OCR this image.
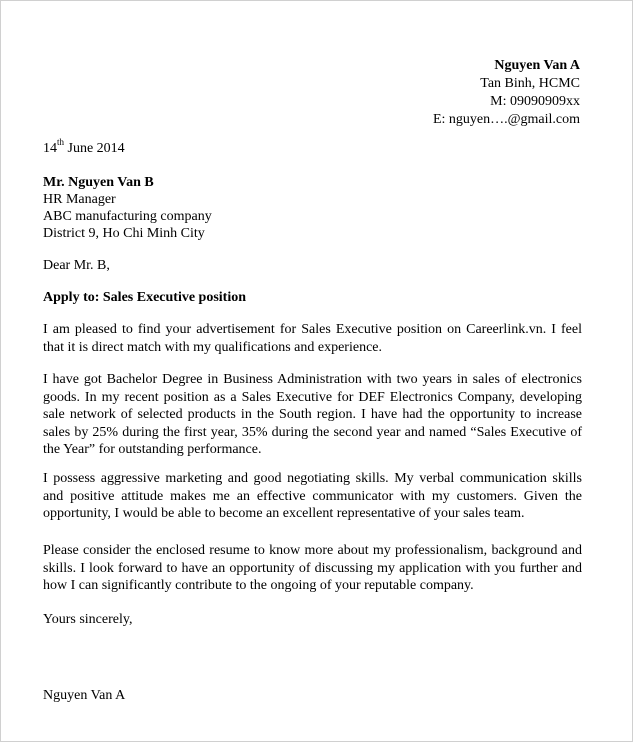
Nguyen Van A
Tan Binh, HCMC
M: 09090909xx
E: nguyen….@gmail.com
14th June 2014
Mr. Nguyen Van B
HR Manager
ABC manufacturing company
District 9, Ho Chi Minh City
Dear Mr. B,
Apply to: Sales Executive position
I am pleased to find your advertisement for Sales Executive position on Careerlink.vn. I feel that it is direct match with my qualifications and experience.
I have got Bachelor Degree in Business Administration with two years in sales of electronics goods. In my recent position as a Sales Executive for DEF Electronics Company, developing sale network of selected products in the South region. I have had the opportunity to increase sales by 25% during the first year, 35% during the second year and named “Sales Executive of the Year” for outstanding performance.
I possess aggressive marketing and good negotiating skills. My verbal communication skills and positive attitude makes me an effective communicator with my customers. Given the opportunity, I would be able to become an excellent representative of your sales team.
Please consider the enclosed resume to know more about my professionalism, background and skills. I look forward to have an opportunity of discussing my application with you further and how I can significantly contribute to the ongoing of your reputable company.
Yours sincerely,
Nguyen Van A
